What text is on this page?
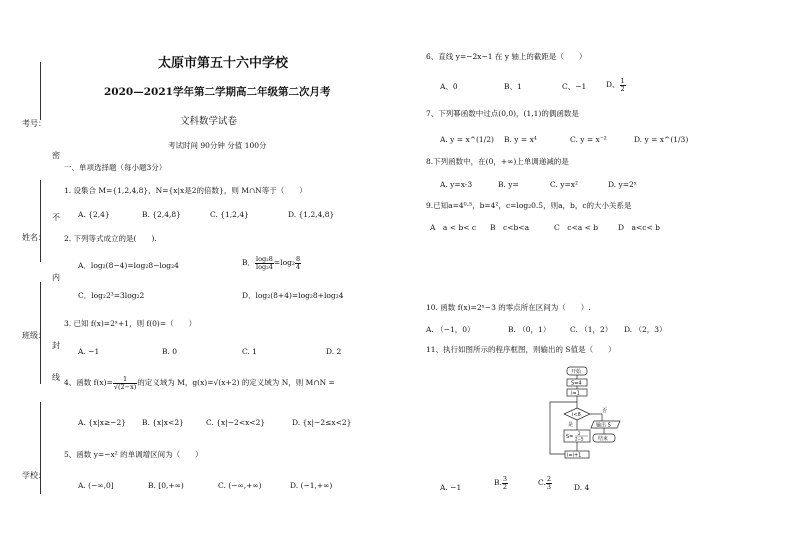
考号：
姓名：
班级：
学校：
密
不
内
封
线
太原市第五十六中学校
2020—2021学年第二学期高二年级第二次月考
文科数学试卷
考试时间 90分钟 分值 100分
一、单项选择题（每小题3分）
1. 设集合 M={1,2,4,8}，N={x|x是2的倍数}，则 M∩N等于（　　）
A. {2,4}	B. {2,4,8}	C. {1,2,4}	D. {1,2,4,8}
2. 下列等式成立的是(　　).
A．log₂(8−4)=log₂8−log₂4	B． $\frac{\text{log₂8}}{\text{log₂4}} =\log_2 \frac{8}{4}$
C．log₂2³=3log₂2	D．log₂(8+4)=log₂8+log₂4
3. 已知 f(x)=2ˣ+1，则 f(0)=（　　）
A. −1	B. 0	C. 1	D. 2
4、函数 $f(x)= \frac{1}{√(2-x)}$ 的定义域为 M，g(x)=√(x+2) 的定义域为 N，则 M∩N =
A. {x|x≥−2} B. {x|x<2}	C. {x|−2<x<2}	D. {x|−2≤x<2}
5、函数 y=−x² 的单调增区间为（　　）
A. (−∞,0]	B. [0,+∞)	C. (−∞,+∞)	D. (−1,+∞)
6、直线 y=−2x−1 在 y 轴上的截距是（　　）
A、0	B、1	C、−1	D、 $\frac{1}{2}$
7、下列幂函数中过点(0,0)，(1,1)的偶函数是
A. y = x^(1/2) B. y = x⁴	C. y = x⁻²	D. y = x^(1/3)
8.下列函数中，在(0，+∞)上单调递减的是
A. y=x-3	B. y=	C. y=x²	D. y=2ˣ
9.已知a=4⁰·⁵，b=4²，c=log₂0.5，则a，b，c的大小关系是
A　a < b< c B　c<b<a	C　c<a < b	D　a<c< b
10. 函数 f(x)=2ˣ−3 的零点所在区间为（　　）.
A. （−1，0）	B. （0，1）	C. （1，2） D. （2，3）
11、执行如图所示的程序框图，则输出的 S值是（　　）
开始
S=4
i=1
i<8
否
是	输出 S
结束
S=
2
2−S
i=i+1
A. −1
B. $\frac{3}{2}$	C. $\frac{2}{3}$	D. 4
